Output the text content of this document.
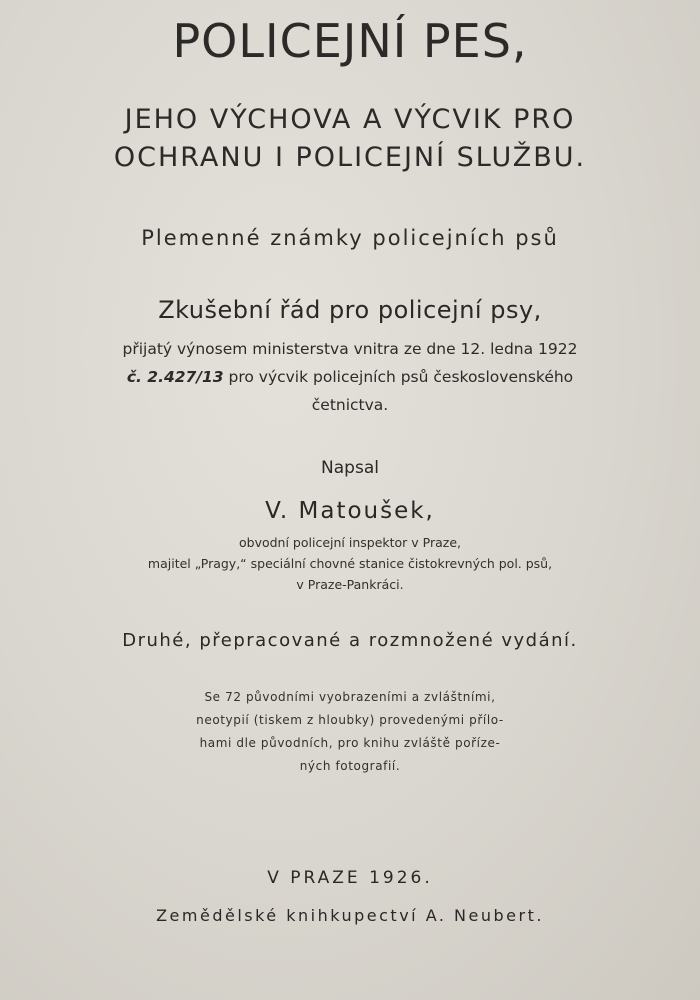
POLICEJNÍ PES,
JEHO VÝCHOVA A VÝCVIK PRO
OCHRANU I POLICEJNÍ SLUŽBU.
Plemenné známky policejních psů
Zkušební řád pro policejní psy,
přijatý výnosem ministerstva vnitra ze dne 12. ledna 1922
č. 2.427/13 pro výcvik policejních psů československého
četnictva.
Napsal
V. Matoušek,
obvodní policejní inspektor v Praze,
majitel „Pragy,“ speciální chovné stanice čistokrevných pol. psů,
v Praze-Pankráci.
Druhé, přepracované a rozmnožené vydání.
Se 72 původními vyobrazeními a zvláštními,
neotypií (tiskem z hloubky) provedenými přílo-
hami dle původních, pro knihu zvláště poříze-
ných fotografií.
V PRAZE 1926.
Zemědělské knihkupectví A. Neubert.
